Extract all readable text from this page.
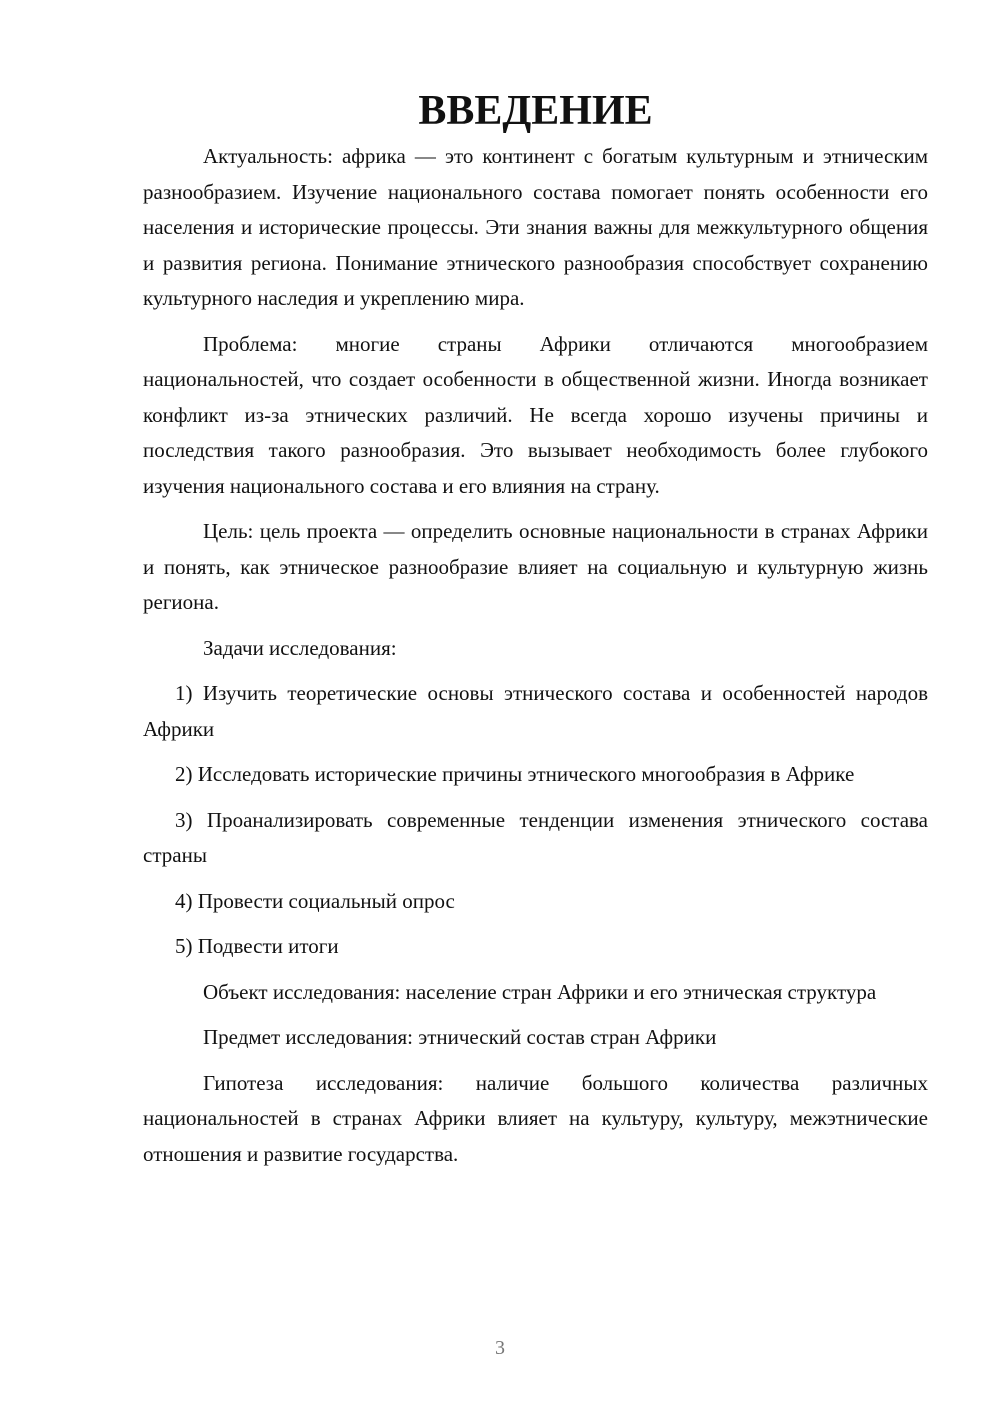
ВВЕДЕНИЕ

Актуальность: африка — это континент с богатым культурным и этническим разнообразием. Изучение национального состава помогает понять особенности его населения и исторические процессы. Эти знания важны для межкультурного общения и развития региона. Понимание этнического разнообразия способствует сохранению культурного наследия и укреплению мира.

Проблема: многие страны Африки отличаются многообразием национальностей, что создает особенности в общественной жизни. Иногда возникает конфликт из-за этнических различий. Не всегда хорошо изучены причины и последствия такого разнообразия. Это вызывает необходимость более глубокого изучения национального состава и его влияния на страну.

Цель: цель проекта — определить основные национальности в странах Африки и понять, как этническое разнообразие влияет на социальную и культурную жизнь региона.

Задачи исследования:

1) Изучить теоретические основы этнического состава и особенностей народов Африки

2) Исследовать исторические причины этнического многообразия в Африке

3) Проанализировать современные тенденции изменения этнического состава страны

4) Провести социальный опрос

5) Подвести итоги

Объект исследования: население стран Африки и его этническая структура

Предмет исследования: этнический состав стран Африки

Гипотеза исследования: наличие большого количества различных национальностей в странах Африки влияет на культуру, культуру, межэтнические отношения и развитие государства.

3
